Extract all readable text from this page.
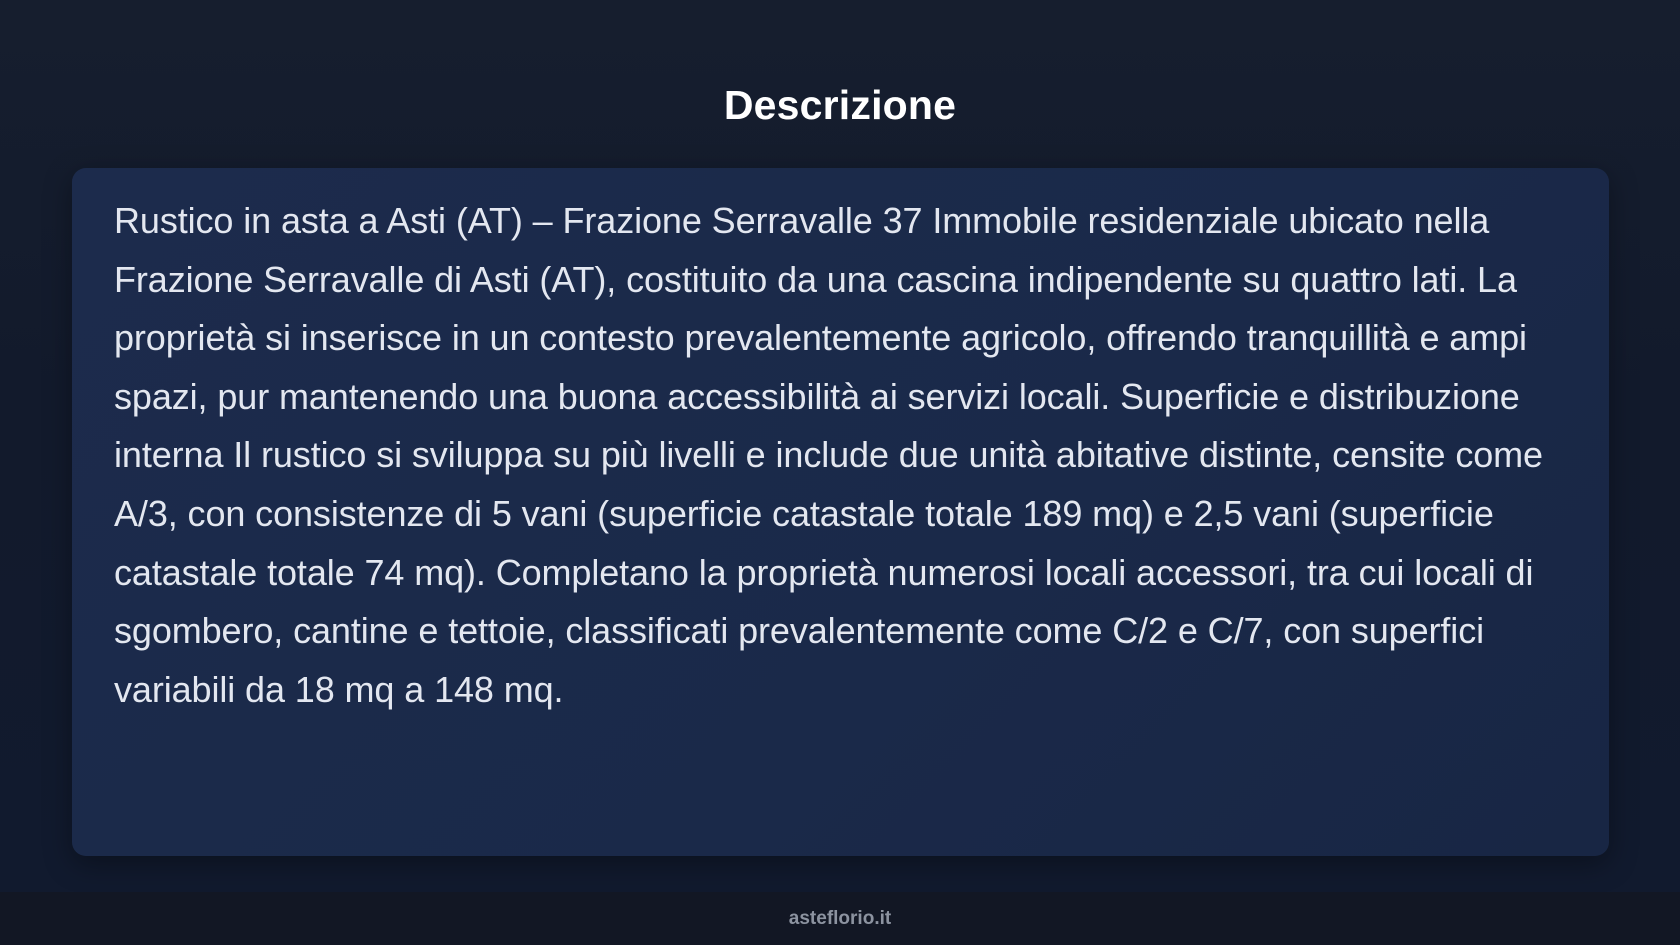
Descrizione

Rustico in asta a Asti (AT) – Frazione Serravalle 37 Immobile residenziale ubicato nella Frazione Serravalle di Asti (AT), costituito da una cascina indipendente su quattro lati. La proprietà si inserisce in un contesto prevalentemente agricolo, offrendo tranquillità e ampi spazi, pur mantenendo una buona accessibilità ai servizi locali. Superficie e distribuzione interna Il rustico si sviluppa su più livelli e include due unità abitative distinte, censite come A/3, con consistenze di 5 vani (superficie catastale totale 189 mq) e 2,5 vani (superficie catastale totale 74 mq). Completano la proprietà numerosi locali accessori, tra cui locali di sgombero, cantine e tettoie, classificati prevalentemente come C/2 e C/7, con superfici variabili da 18 mq a 148 mq.

asteflorio.it
